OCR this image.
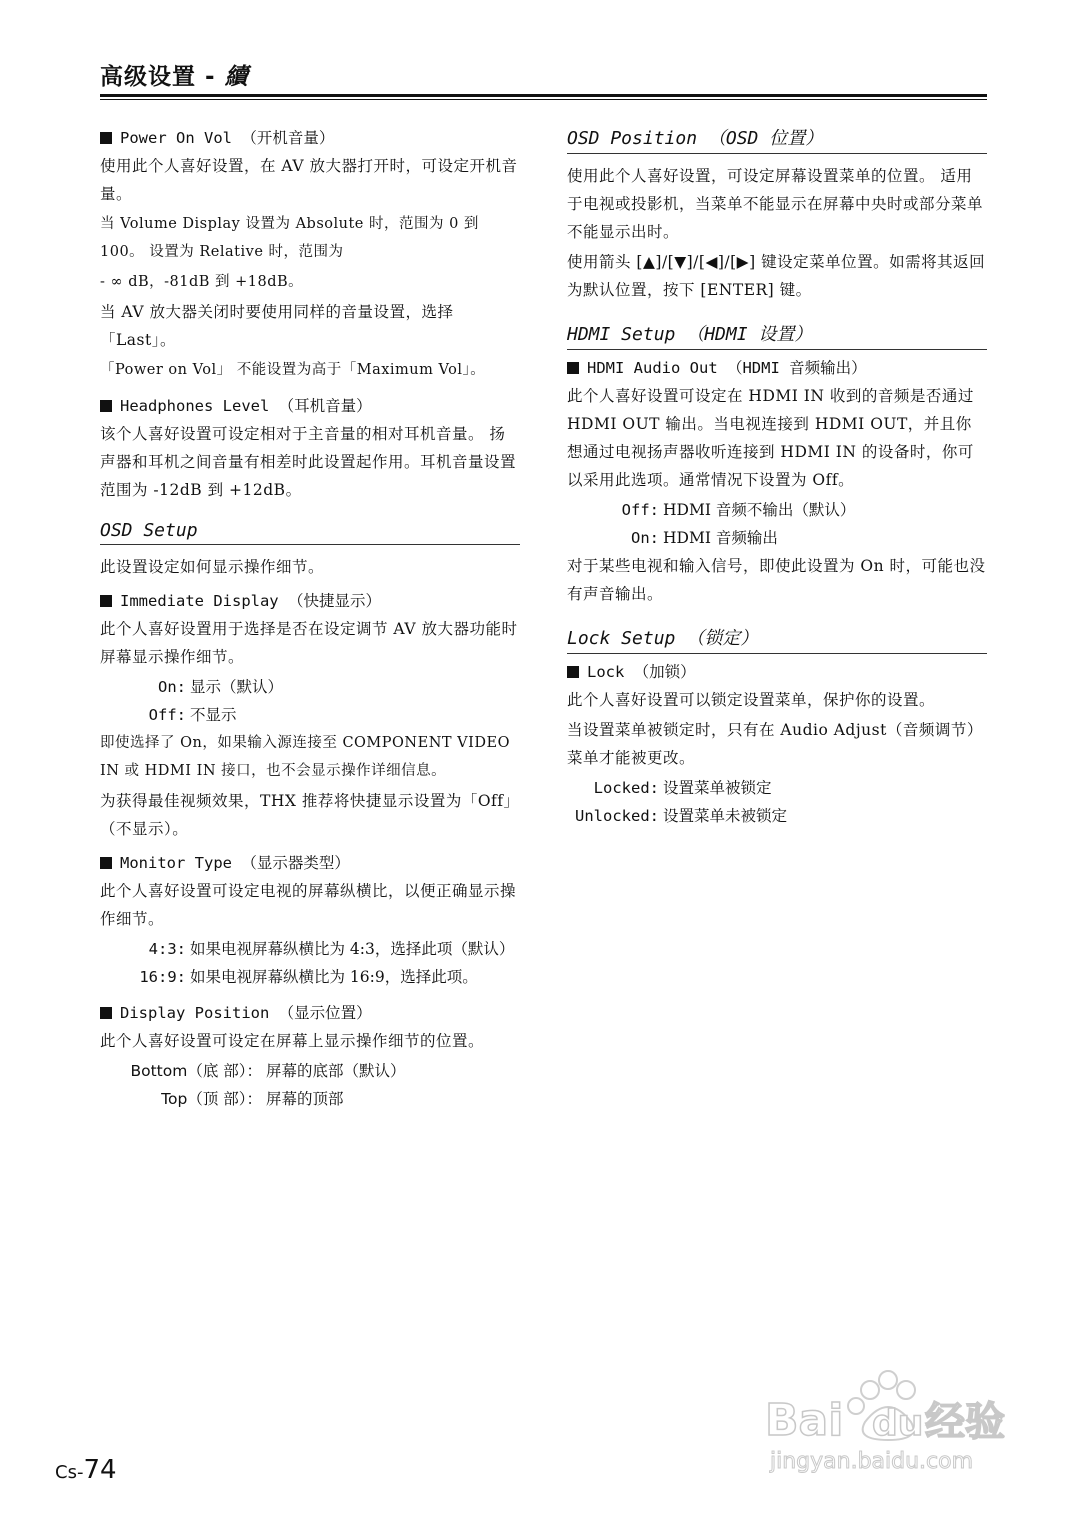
高级设置 - 續
Power On Vol （开机音量）

使用此个人喜好设置，在 AV 放大器打开时，可设定开机音量。

当 Volume Display 设置为 Absolute 时，范围为 0 到 100。 设置为 Relative 时，范围为

- ∞ dB，-81dB 到 +18dB。

当 AV 放大器关闭时要使用同样的音量设置，选择「Last」。

「Power on Vol」 不能设置为高于「Maximum Vol」。

Headphones Level （耳机音量）

该个人喜好设置可设定相对于主音量的相对耳机音量。 扬声器和耳机之间音量有相差时此设置起作用。耳机音量设置范围为 -12dB 到 +12dB。

OSD Setup

此设置设定如何显示操作细节。

Immediate Display （快捷显示）

此个人喜好设置用于选择是否在设定调节 AV 放大器功能时屏幕显示操作细节。

On: 显示（默认）
Off: 不显示

即使选择了 On，如果输入源连接至 COMPONENT VIDEO IN 或 HDMI IN 接口，也不会显示操作详细信息。

为获得最佳视频效果，THX 推荐将快捷显示设置为「Off」（不显示）。

Monitor Type （显示器类型）

此个人喜好设置可设定电视的屏幕纵横比，以便正确显示操作细节。

4:3: 如果电视屏幕纵横比为 4:3，选择此项（默认）
16:9: 如果电视屏幕纵横比为 16:9，选择此项。
Display Position （显示位置）

此个人喜好设置可设定在屏幕上显示操作细节的位置。

Bottom（底 部）： 屏幕的底部（默认）
Top（顶 部）： 屏幕的顶部
OSD Position （OSD 位置）

使用此个人喜好设置，可设定屏幕设置菜单的位置。 适用于电视或投影机，当菜单不能显示在屏幕中央时或部分菜单不能显示出时。

使用箭头 [▲]/[▼]/[◀]/[▶] 键设定菜单位置。如需将其返回为默认位置，按下 [ENTER] 键。

HDMI Setup （HDMI 设置）
HDMI Audio Out （HDMI 音频输出）

此个人喜好设置可设定在 HDMI IN 收到的音频是否通过 HDMI OUT 输出。当电视连接到 HDMI OUT，并且你想通过电视扬声器收听连接到 HDMI IN 的设备时，你可以采用此选项。通常情况下设置为 Off。

Off: HDMI 音频不输出（默认）
On: HDMI 音频输出

对于某些电视和输入信号，即使此设置为 On 时，可能也没有声音输出。

Lock Setup （锁定）
Lock （加锁）

此个人喜好设置可以锁定设置菜单，保护你的设置。

当设置菜单被锁定时，只有在 Audio Adjust（音频调节）菜单才能被更改。

Locked: 设置菜单被锁定
Unlocked: 设置菜单未被锁定
Cs-74
Bai du 经验
jingyan.baidu.com
